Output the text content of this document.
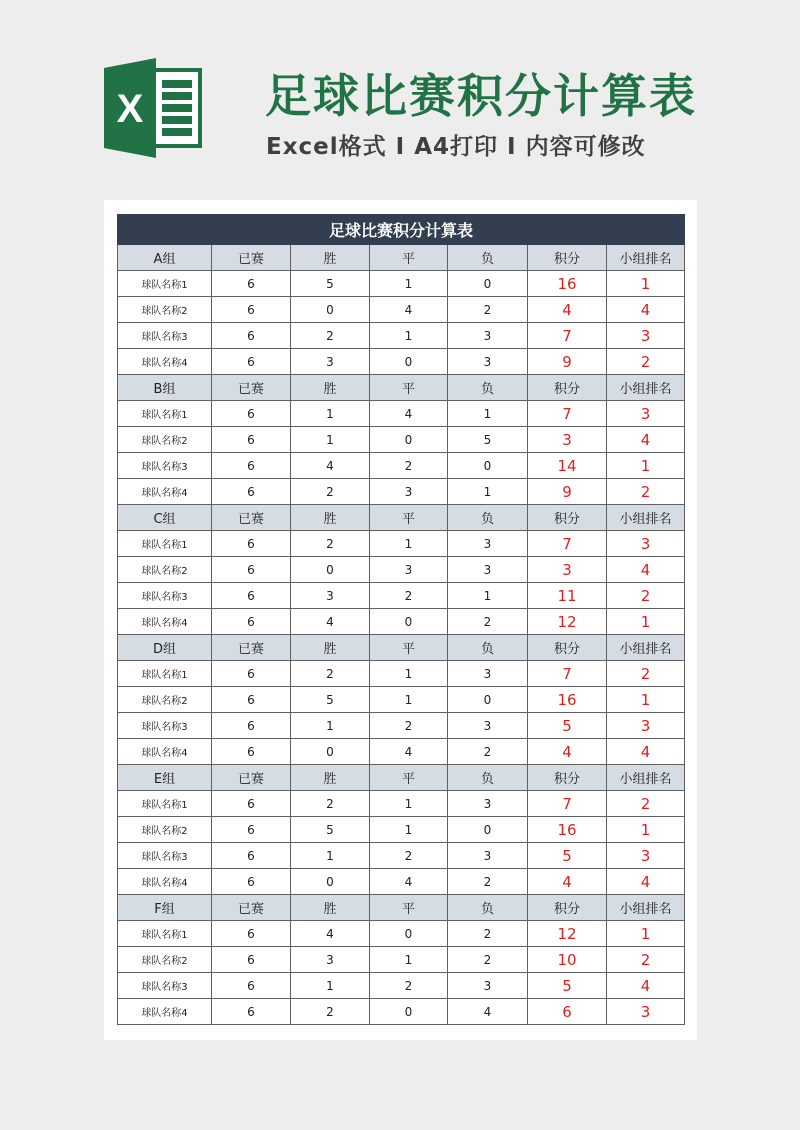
X	足球比赛积分计算表
Excel格式 I A4打印 I 内容可修改
足球比赛积分计算表						
A组	已赛	胜	平	负	积分	小组排名
球队名称1	6	5	1	0	16	1
球队名称2	6	0	4	2	4	4
球队名称3	6	2	1	3	7	3
球队名称4	6	3	0	3	9	2
B组	已赛	胜	平	负	积分	小组排名
球队名称1	6	1	4	1	7	3
球队名称2	6	1	0	5	3	4
球队名称3	6	4	2	0	14	1
球队名称4	6	2	3	1	9	2
C组	已赛	胜	平	负	积分	小组排名
球队名称1	6	2	1	3	7	3
球队名称2	6	0	3	3	3	4
球队名称3	6	3	2	1	11	2
球队名称4	6	4	0	2	12	1
D组	已赛	胜	平	负	积分	小组排名
球队名称1	6	2	1	3	7	2
球队名称2	6	5	1	0	16	1
球队名称3	6	1	2	3	5	3
球队名称4	6	0	4	2	4	4
E组	已赛	胜	平	负	积分	小组排名
球队名称1	6	2	1	3	7	2
球队名称2	6	5	1	0	16	1
球队名称3	6	1	2	3	5	3
球队名称4	6	0	4	2	4	4
F组	已赛	胜	平	负	积分	小组排名
球队名称1	6	4	0	2	12	1
球队名称2	6	3	1	2	10	2
球队名称3	6	1	2	3	5	4
球队名称4	6	2	0	4	6	3
